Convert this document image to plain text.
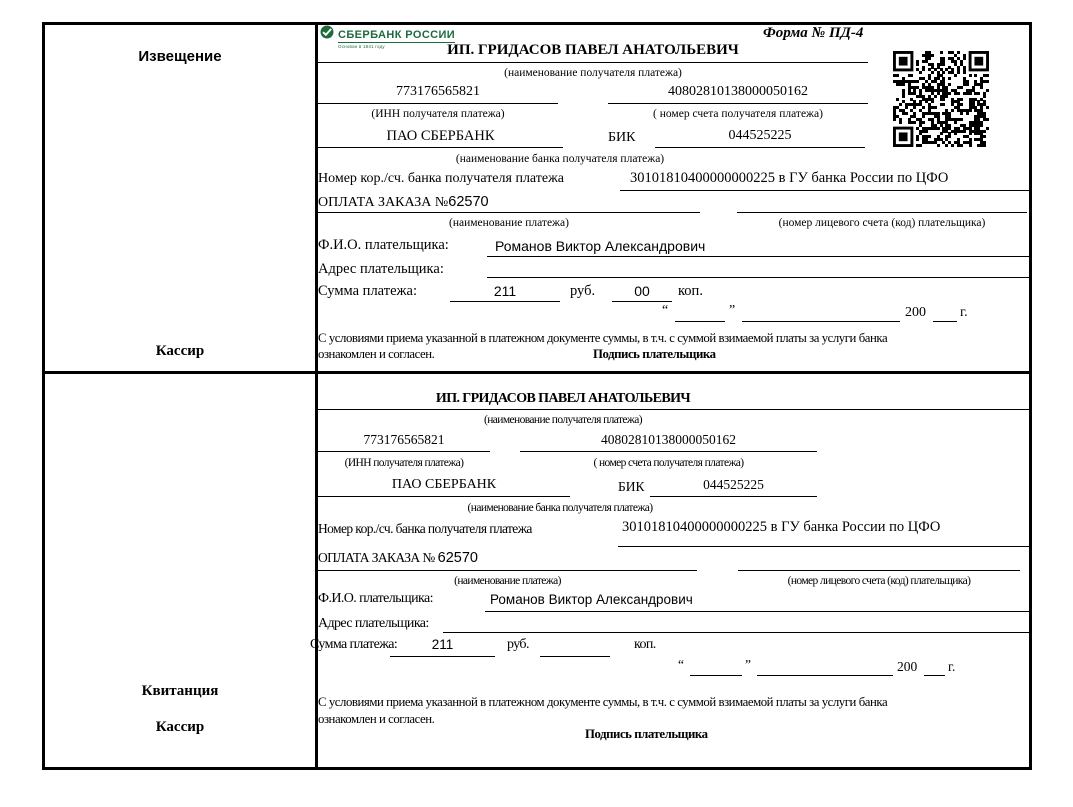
Извещение
Кассир
Квитанция
Кассир
СБЕРБАНК РОССИИ
Основан в 1841 году
Форма № ПД-4
ИП. ГРИДАСОВ ПАВЕЛ АНАТОЛЬЕВИЧ
(наименование получателя платежа)
773176565821	40802810138000050162
(ИНН получателя платежа)	( номер счета получателя платежа)
ПАО СБЕРБАНК	БИК	044525225
(наименование банка получателя платежа)
Номер кор./сч. банка получателя платежа	30101810400000000225 в ГУ банка России по ЦФО
ОПЛАТА ЗАКАЗА №62570
(наименование платежа)	(номер лицевого счета (код) плательщика)
Ф.И.О. плательщика:	Романов Виктор Александрович
Адрес плательщика:
Сумма платежа:	211	руб.	00	коп.
“	”	200 г.
С условиями приема указанной в платежном документе суммы, в т.ч. с суммой взимаемой платы за услуги банка
ознакомлен и согласен.	Подпись плательщика
ИП. ГРИДАСОВ ПАВЕЛ АНАТОЛЬЕВИЧ
(наименование получателя платежа)
773176565821	40802810138000050162
(ИНН получателя платежа)	( номер счета получателя платежа)
ПАО СБЕРБАНК	БИК	044525225
(наименование банка получателя платежа)
Номер кор./сч. банка получателя платежа	30101810400000000225 в ГУ банка России по ЦФО
ОПЛАТА ЗАКАЗА № 62570
(наименование платежа)	(номер лицевого счета (код) плательщика)
Ф.И.О. плательщика:	Романов Виктор Александрович
Адрес плательщика:
Сумма платежа:	211	руб.	коп.
“	”	200 г.
С условиями приема указанной в платежном документе суммы, в т.ч. с суммой взимаемой платы за услуги банка
ознакомлен и согласен.
Подпись плательщика
